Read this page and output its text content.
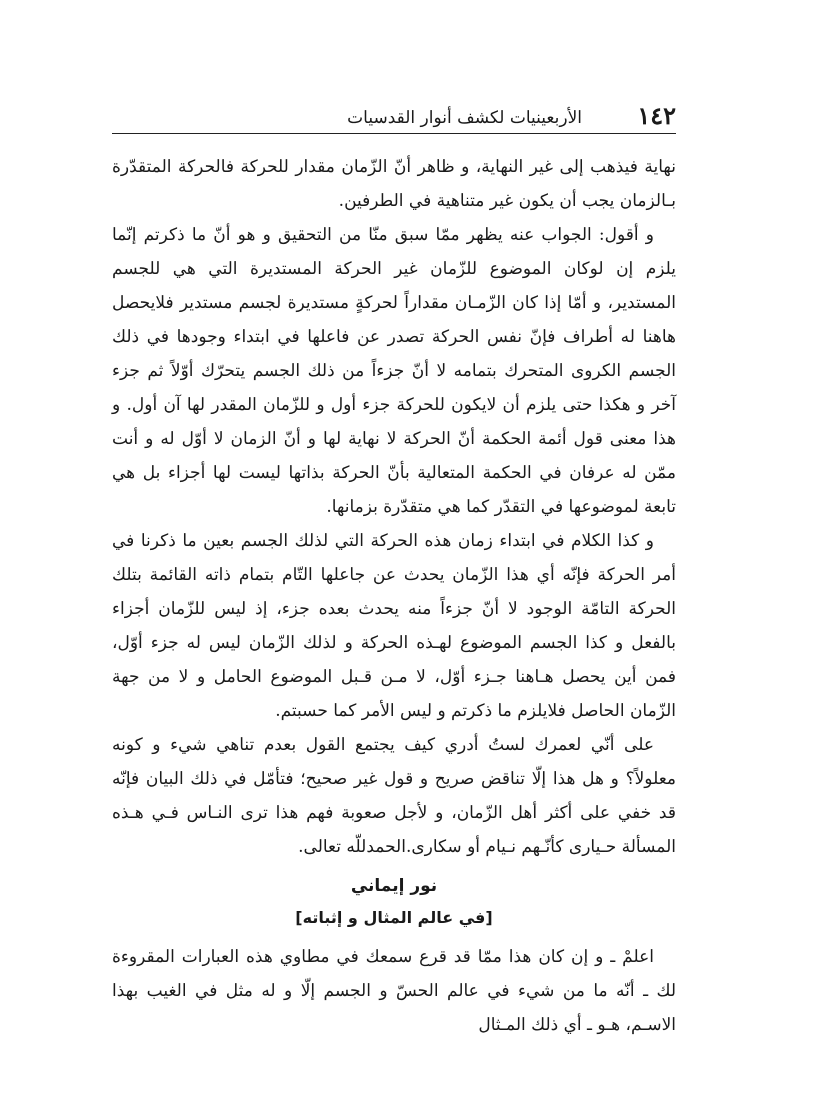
١٤٢
الأربعينيات لكشف أنوار القدسيات

نهاية فيذهب إلى غير النهاية، و ظاهر أنّ الزّمان مقدار للحركة فالحركة المتقدّرة بـالزمان يجب أن يكون غير متناهية في الطرفين.

و أقول: الجواب عنه يظهر ممّا سبق منّا من التحقيق و هو أنّ ما ذكرتم إنّما يلزم إن لوكان الموضوع للزّمان غير الحركة المستديرة التي هي للجسم المستدير، و أمّا إذا كان الزّمـان مقداراً لحركةٍ مستديرة لجسم مستدير فلايحصل هاهنا له أطراف فإنّ نفس الحركة تصدر عن فاعلها في ابتداء وجودها في ذلك الجسم الكروى المتحرك بتمامه لا أنّ جزءاً من ذلك الجسم يتحرّك أوّلاً ثم جزء آخر و هكذا حتى يلزم أن لايكون للحركة جزء أول و للزّمان المقدر لها آن أول. و هذا معنى قول أئمة الحكمة أنّ الحركة لا نهاية لها و أنّ الزمان لا أوّل له و أنت ممّن له عرفان في الحكمة المتعالية بأنّ الحركة بذاتها ليست لها أجزاء بل هي تابعة لموضوعها في التقدّر كما هي متقدّرة بزمانها.

و كذا الكلام في ابتداء زمان هذه الحركة التي لذلك الجسم بعين ما ذكرنا في أمر الحركة فإنّه أي هذا الزّمان يحدث عن جاعلها التّام بتمام ذاته القائمة بتلك الحركة التامّة الوجود لا أنّ جزءاً منه يحدث بعده جزء، إذ ليس للزّمان أجزاء بالفعل و كذا الجسم الموضوع لهـذه الحركة و لذلك الزّمان ليس له جزء أوّل، فمن أين يحصل هـاهنا جـزء أوّل، لا مـن قـبل الموضوع الحامل و لا من جهة الزّمان الحاصل فلايلزم ما ذكرتم و ليس الأمر كما حسبتم.

على أنّي لعمرك لستُ أدري كيف يجتمع القول بعدم تناهي شيء و كونه معلولاً؟ و هل هذا إلّا تناقض صريح و قول غير صحيح؛ فتأمّل في ذلك البيان فإنّه قد خفي على أكثر أهل الزّمان، و لأجل صعوبة فهم هذا ترى النـاس فـي هـذه المسألة حـيارى كأنّـهم نـيام أو سكارى.الحمدللّه تعالى.

نور إيماني
[في عالم المثال و إثباته]

اعلمْ ـ و إن كان هذا ممّا قد قرع سمعك في مطاوي هذه العبارات المقروءة لك ـ أنّه ما من شيء في عالم الحسّ و الجسم إلّا و له مثل في الغيب بهذا الاسـم، هـو ـ أي ذلك المـثال
